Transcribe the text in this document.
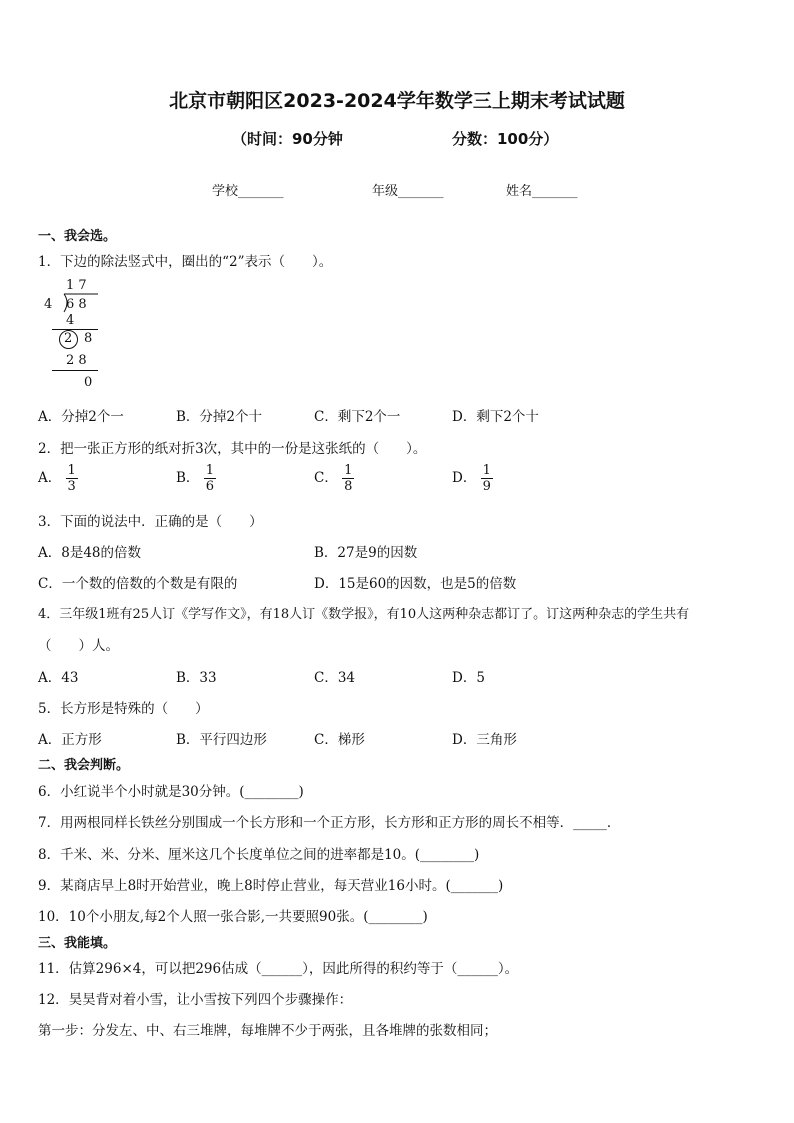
北京市朝阳区2023-2024学年数学三上期末考试试题
（时间：90分钟	分数：100分）
学校_______	年级_______	姓名_______
一、我会选。
1．下边的除法竖式中，圈出的“2”表示（　　）。
1 7
4 6 8
4
2 8
2 8
0
A．分掉2个一	B．分掉2个十	C．剩下2个一	D．剩下2个十
2．把一张正方形的纸对折3次，其中的一份是这张纸的（　　）。
A． $\frac{1}{3}$	B． $\frac{1}{6}$	C． $\frac{1}{8}$	D． $\frac{1}{9}$
3．下面的说法中．正确的是（　　）
A．8是48的倍数	B．27是9的因数
C．一个数的倍数的个数是有限的	D．15是60的因数，也是5的倍数
4．三年级1班有25人订《学写作文》，有18人订《数学报》，有10人这两种杂志都订了。订这两种杂志的学生共有
（　　）人。
A．43	B．33	C．34	D．5
5．长方形是特殊的（　　）
A．正方形	B．平行四边形	C．梯形	D．三角形
二、我会判断。
6．小红说半个小时就是30分钟。(________)
7．用两根同样长铁丝分别围成一个长方形和一个正方形，长方形和正方形的周长不相等．_____．
8．千米、米、分米、厘米这几个长度单位之间的进率都是10。(________)
9．某商店早上8时开始营业，晚上8时停止营业，每天营业16小时。(_______)
10．10个小朋友,每2个人照一张合影,一共要照90张。(________)
三、我能填。
11．估算296×4，可以把296估成（______），因此所得的积约等于（______）。
12．昊昊背对着小雪，让小雪按下列四个步骤操作：
第一步：分发左、中、右三堆牌，每堆牌不少于两张，且各堆牌的张数相同；
